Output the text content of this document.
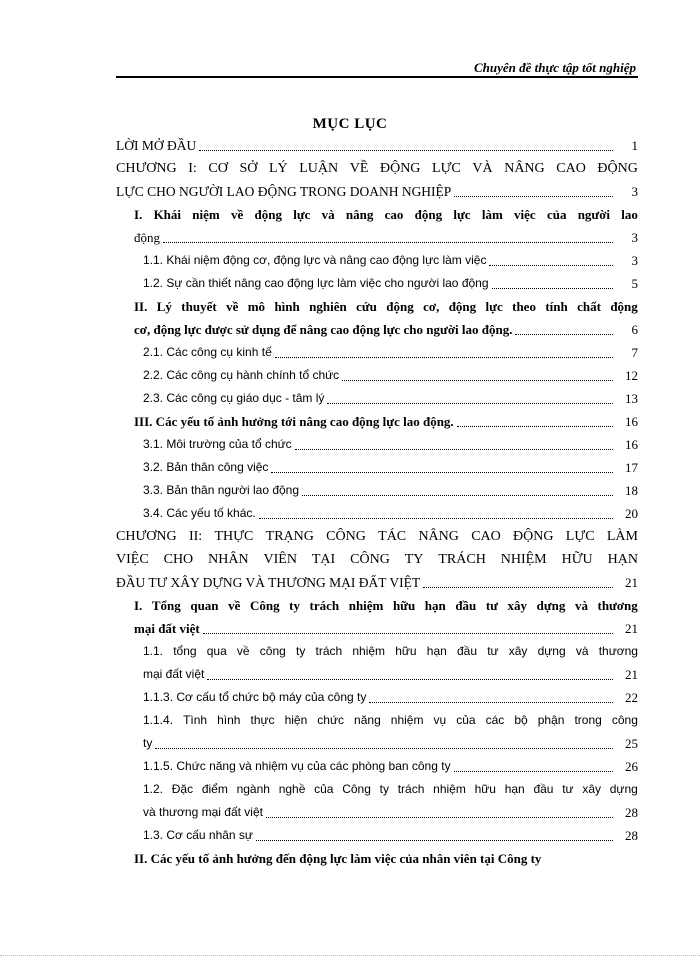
Chuyên đề thực tập tốt nghiệp
MỤC LỤC
LỜI MỞ ĐẦU	1
CHƯƠNG I: CƠ SỞ LÝ LUẬN VỀ ĐỘNG LỰC VÀ NÂNG CAO ĐỘNG
LỰC CHO NGƯỜI LAO ĐỘNG TRONG DOANH NGHIỆP	3
I. Khái niệm về động lực và nâng cao động lực làm việc của người lao
động	3
1.1. Khái niệm động cơ, động lực và nâng cao động lực làm việc	3
1.2. Sự cần thiết nâng cao động lực làm việc cho người lao động	5
II. Lý thuyết về mô hình nghiên cứu động cơ, động lực theo tính chất động
cơ, động lực được sử dụng để nâng cao động lực cho người lao động.	6
2.1. Các công cụ kinh tế	7
2.2. Các công cụ hành chính tổ chức	12
2.3. Các công cụ giáo dục - tâm lý	13
III. Các yếu tố ảnh hưởng tới nâng cao động lực lao động.	16
3.1. Môi trường của tổ chức	16
3.2. Bản thân công việc	17
3.3. Bản thân người lao động	18
3.4. Các yếu tố khác.	20
CHƯƠNG II: THỰC TRẠNG CÔNG TÁC NÂNG CAO ĐỘNG LỰC LÀM
VIỆC CHO NHÂN VIÊN TẠI CÔNG TY TRÁCH NHIỆM HỮU HẠN
ĐẦU TƯ XÂY DỰNG VÀ THƯƠNG MẠI ĐẤT VIỆT	21
I. Tổng quan về Công ty trách nhiệm hữu hạn đầu tư xây dựng và thương
mại đất việt	21
1.1. tổng qua về công ty trách nhiệm hữu hạn đầu tư xây dựng và thương
mại đất việt	21
1.1.3. Cơ cấu tổ chức bộ máy của công ty	22
1.1.4. Tình hình thực hiện chức năng nhiệm vụ của các bộ phận trong công
ty	25
1.1.5. Chức năng và nhiệm vụ của các phòng ban công ty	26
1.2. Đặc điểm ngành nghề của Công ty trách nhiệm hữu hạn đầu tư xây dựng
và thương mại đất việt	28
1.3. Cơ cấu nhân sự	28
II. Các yếu tố ảnh hưởng đến động lực làm việc của nhân viên tại Công ty
